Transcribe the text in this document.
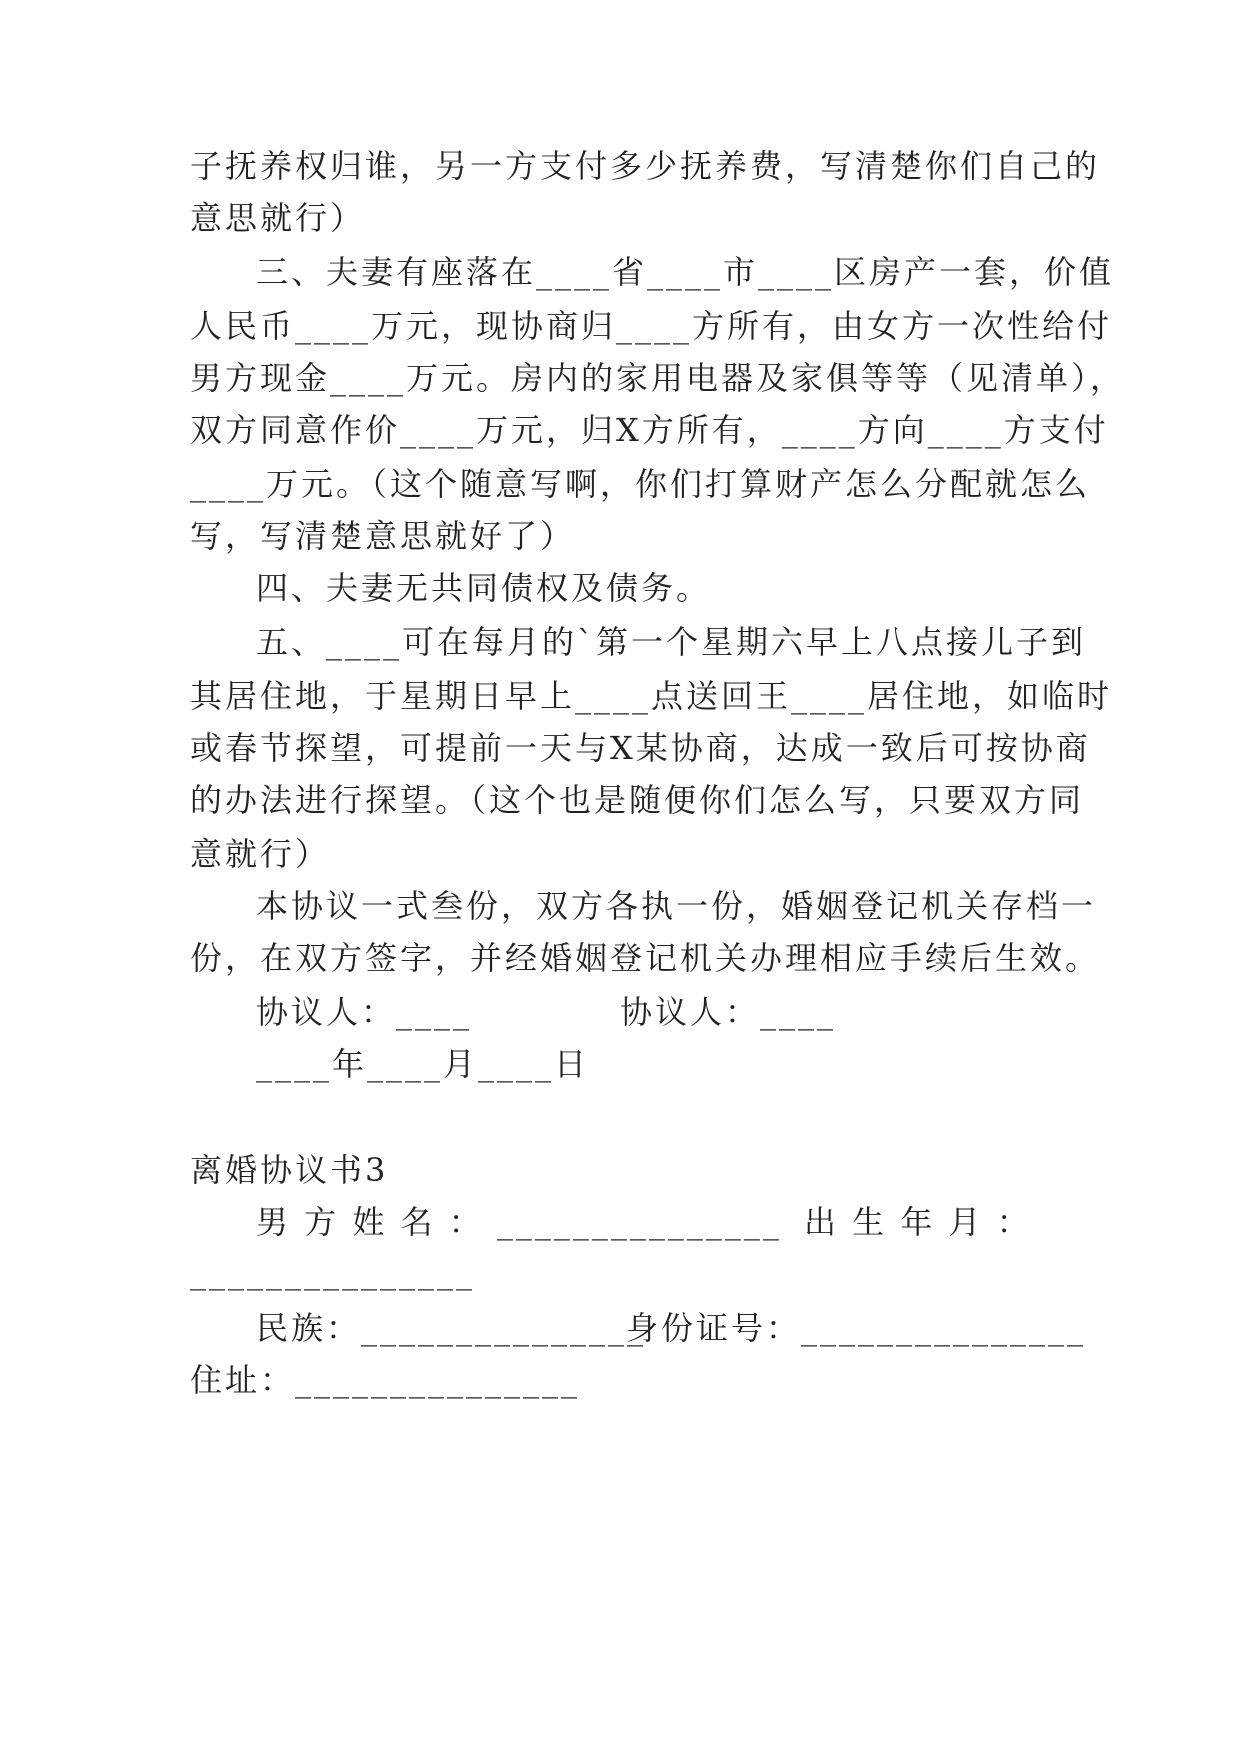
子抚养权归谁，另一方支付多少抚养费，写清楚你们自己的
意思就行）
三、夫妻有座落在____省____市____区房产一套，价值
人民币____万元，现协商归____方所有，由女方一次性给付
男方现金____万元。房内的家用电器及家俱等等（见清单），
双方同意作价____万元，归X方所有，____方向____方支付
____万元。（这个随意写啊，你们打算财产怎么分配就怎么
写，写清楚意思就好了）
四、夫妻无共同债权及债务。
五、____可在每月的`第一个星期六早上八点接儿子到
其居住地，于星期日早上____点送回王____居住地，如临时
或春节探望，可提前一天与X某协商，达成一致后可按协商
的办法进行探望。（这个也是随便你们怎么写，只要双方同
意就行）
本协议一式叁份，双方各执一份，婚姻登记机关存档一
份，在双方签字，并经婚姻登记机关办理相应手续后生效。
协议人：____	协议人：____
____年____月____日
离婚协议书3
男 方 姓 名 ： _______________ 出 生 年 月 ：
_______________
民族：_______________
身份证号：_______________
住址：_______________
